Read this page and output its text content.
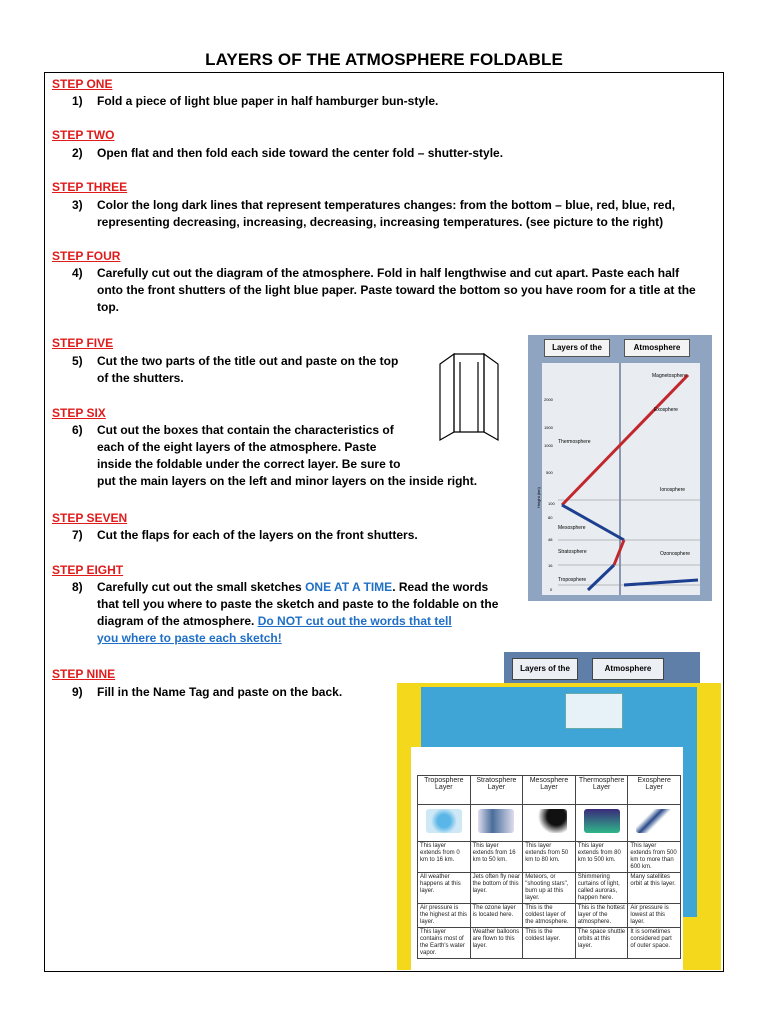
LAYERS OF THE ATMOSPHERE FOLDABLE
STEP ONE
1) Fold a piece of light blue paper in half hamburger bun-style.
STEP TWO
2) Open flat and then fold each side toward the center fold – shutter-style.
STEP THREE
3) Color the long dark lines that represent temperatures changes: from the bottom – blue, red, blue, red,
representing decreasing, increasing, decreasing, increasing temperatures. (see picture to the right)
STEP FOUR
4) Carefully cut out the diagram of the atmosphere. Fold in half lengthwise and cut apart. Paste each half
onto the front shutters of the light blue paper. Paste toward the bottom so you have room for a title at the
top.
STEP FIVE
5) Cut the two parts of the title out and paste on the top
of the shutters.
STEP SIX
6) Cut out the boxes that contain the characteristics of
each of the eight layers of the atmosphere. Paste
inside the foldable under the correct layer. Be sure to
put the main layers on the left and minor layers on the inside right.
STEP SEVEN
7) Cut the flaps for each of the layers on the front shutters.
STEP EIGHT
8) Carefully cut out the small sketches ONE AT A TIME. Read the words
that tell you where to paste the sketch and paste to the foldable on the
diagram of the atmosphere. Do NOT cut out the words that tell
you where to paste each sketch!
STEP NINE
9) Fill in the Name Tag and paste on the back.
Layers of the	Atmosphere
Magnetosphere
Exosphere
Thermosphere
Ionosphere
Mesosphere
Stratosphere	Ozonosphere
Troposphere
2000
1500
1000
500
100
80
48
16
0
Height (km)
Layers of the	Atmosphere
Troposphere Layer	Stratosphere Layer	Mesosphere Layer	Thermosphere Layer	Exosphere Layer

This layer extends from 0 km to 16 km.	This layer extends from 16 km to 50 km.	This layer extends from 50 km to 80 km.	This layer extends from 80 km to 500 km.	This layer extends from 500 km to more than 600 km.
All weather happens at this layer.	Jets often fly near the bottom of this layer.	Meteors, or "shooting stars", burn up at this layer.	Shimmering curtains of light, called auroras, happen here.	Many satellites orbit at this layer.
Air pressure is the highest at this layer.	The ozone layer is located here.	This is the coldest layer of the atmosphere.	This is the hottest layer of the atmosphere.	Air pressure is lowest at this layer.
This layer contains most of the Earth's water vapor.	Weather balloons are flown to this layer.	This is the coldest layer.	The space shuttle orbits at this layer.	It is sometimes considered part of outer space.
